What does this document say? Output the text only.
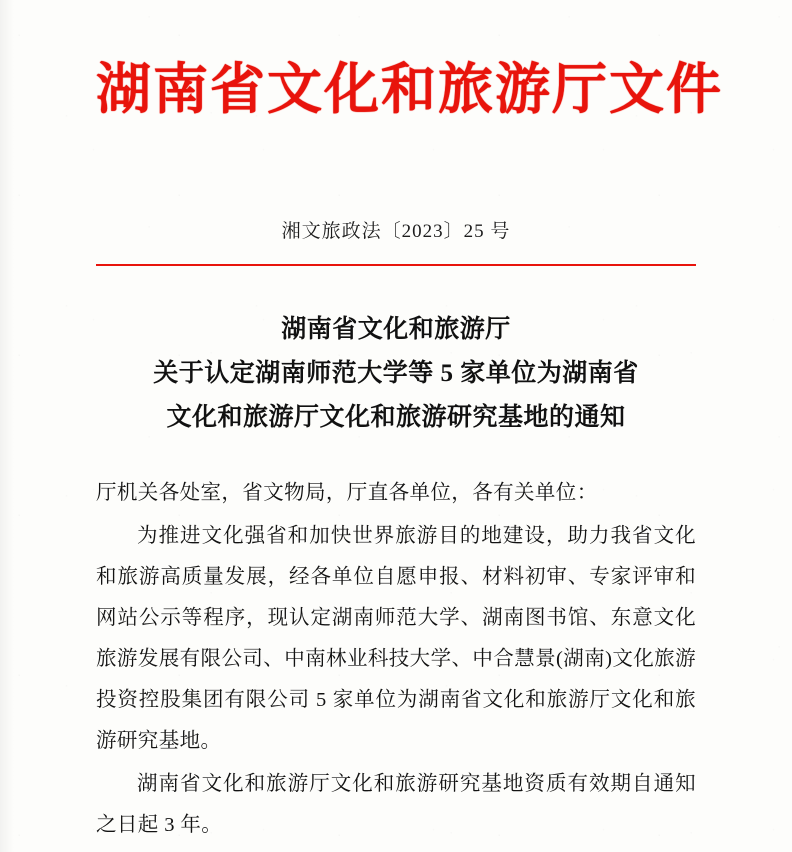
湖南省文化和旅游厅文件
湘文旅政法〔2023〕25 号
湖南省文化和旅游厅
关于认定湖南师范大学等 5 家单位为湖南省
文化和旅游厅文化和旅游研究基地的通知

厅机关各处室，省文物局，厅直各单位，各有关单位：

为推进文化强省和加快世界旅游目的地建设，助力我省文化和旅游高质量发展，经各单位自愿申报、材料初审、专家评审和网站公示等程序，现认定湖南师范大学、湖南图书馆、东意文化旅游发展有限公司、中南林业科技大学、中合慧景(湖南)文化旅游投资控股集团有限公司 5 家单位为湖南省文化和旅游厅文化和旅游研究基地。

湖南省文化和旅游厅文化和旅游研究基地资质有效期自通知之日起 3 年。
